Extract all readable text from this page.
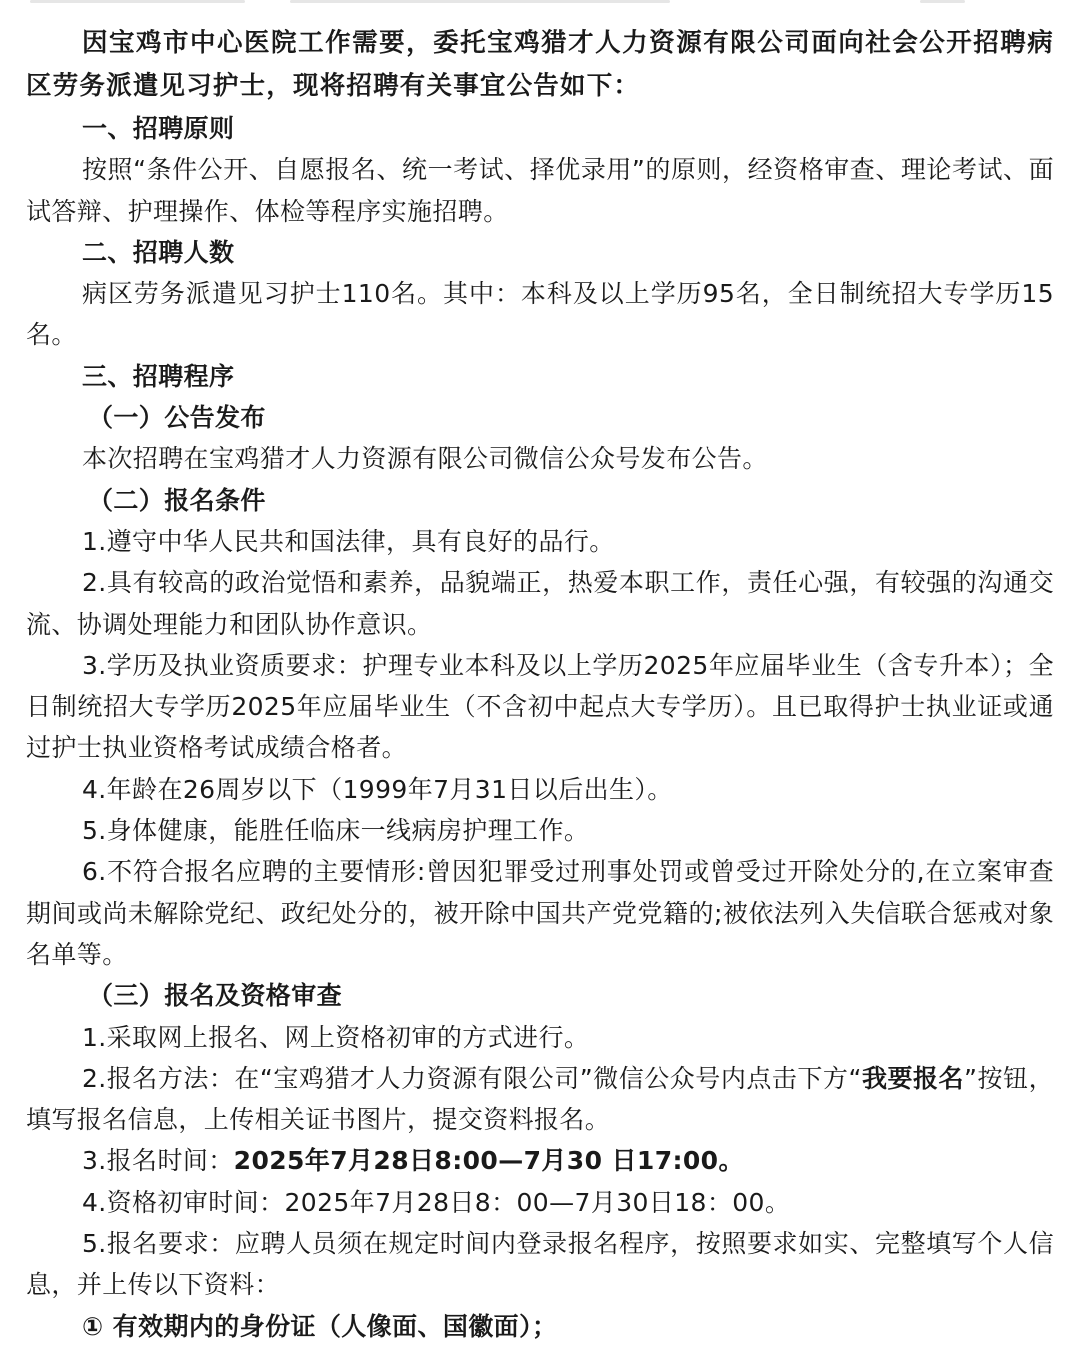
因宝鸡市中心医院工作需要，委托宝鸡猎才人力资源有限公司面向社会公开招聘病区劳务派遣见习护士，现将招聘有关事宜公告如下：

一、招聘原则

按照“条件公开、自愿报名、统一考试、择优录用”的原则，经资格审查、理论考试、面试答辩、护理操作、体检等程序实施招聘。

二、招聘人数

病区劳务派遣见习护士110名。其中：本科及以上学历95名，全日制统招大专学历15名。

三、招聘程序

（一）公告发布

本次招聘在宝鸡猎才人力资源有限公司微信公众号发布公告。

（二）报名条件

1.遵守中华人民共和国法律，具有良好的品行。

2.具有较高的政治觉悟和素养，品貌端正，热爱本职工作，责任心强，有较强的沟通交流、协调处理能力和团队协作意识。

3.学历及执业资质要求：护理专业本科及以上学历2025年应届毕业生（含专升本）；全日制统招大专学历2025年应届毕业生（不含初中起点大专学历）。且已取得护士执业证或通过护士执业资格考试成绩合格者。

4.年龄在26周岁以下（1999年7月31日以后出生）。

5.身体健康，能胜任临床一线病房护理工作。

6.不符合报名应聘的主要情形:曾因犯罪受过刑事处罚或曾受过开除处分的,在立案审查期间或尚未解除党纪、政纪处分的，被开除中国共产党党籍的;被依法列入失信联合惩戒对象名单等。

（三）报名及资格审查

1.采取网上报名、网上资格初审的方式进行。

2.报名方法：在“宝鸡猎才人力资源有限公司”微信公众号内点击下方“我要报名”按钮，填写报名信息，上传相关证书图片，提交资料报名。

3.报名时间：2025年7月28日8:00—7月30 日17:00。

4.资格初审时间：2025年7月28日8：00—7月30日18：00。

5.报名要求：应聘人员须在规定时间内登录报名程序，按照要求如实、完整填写个人信息，并上传以下资料：

① 有效期内的身份证（人像面、国徽面）；
